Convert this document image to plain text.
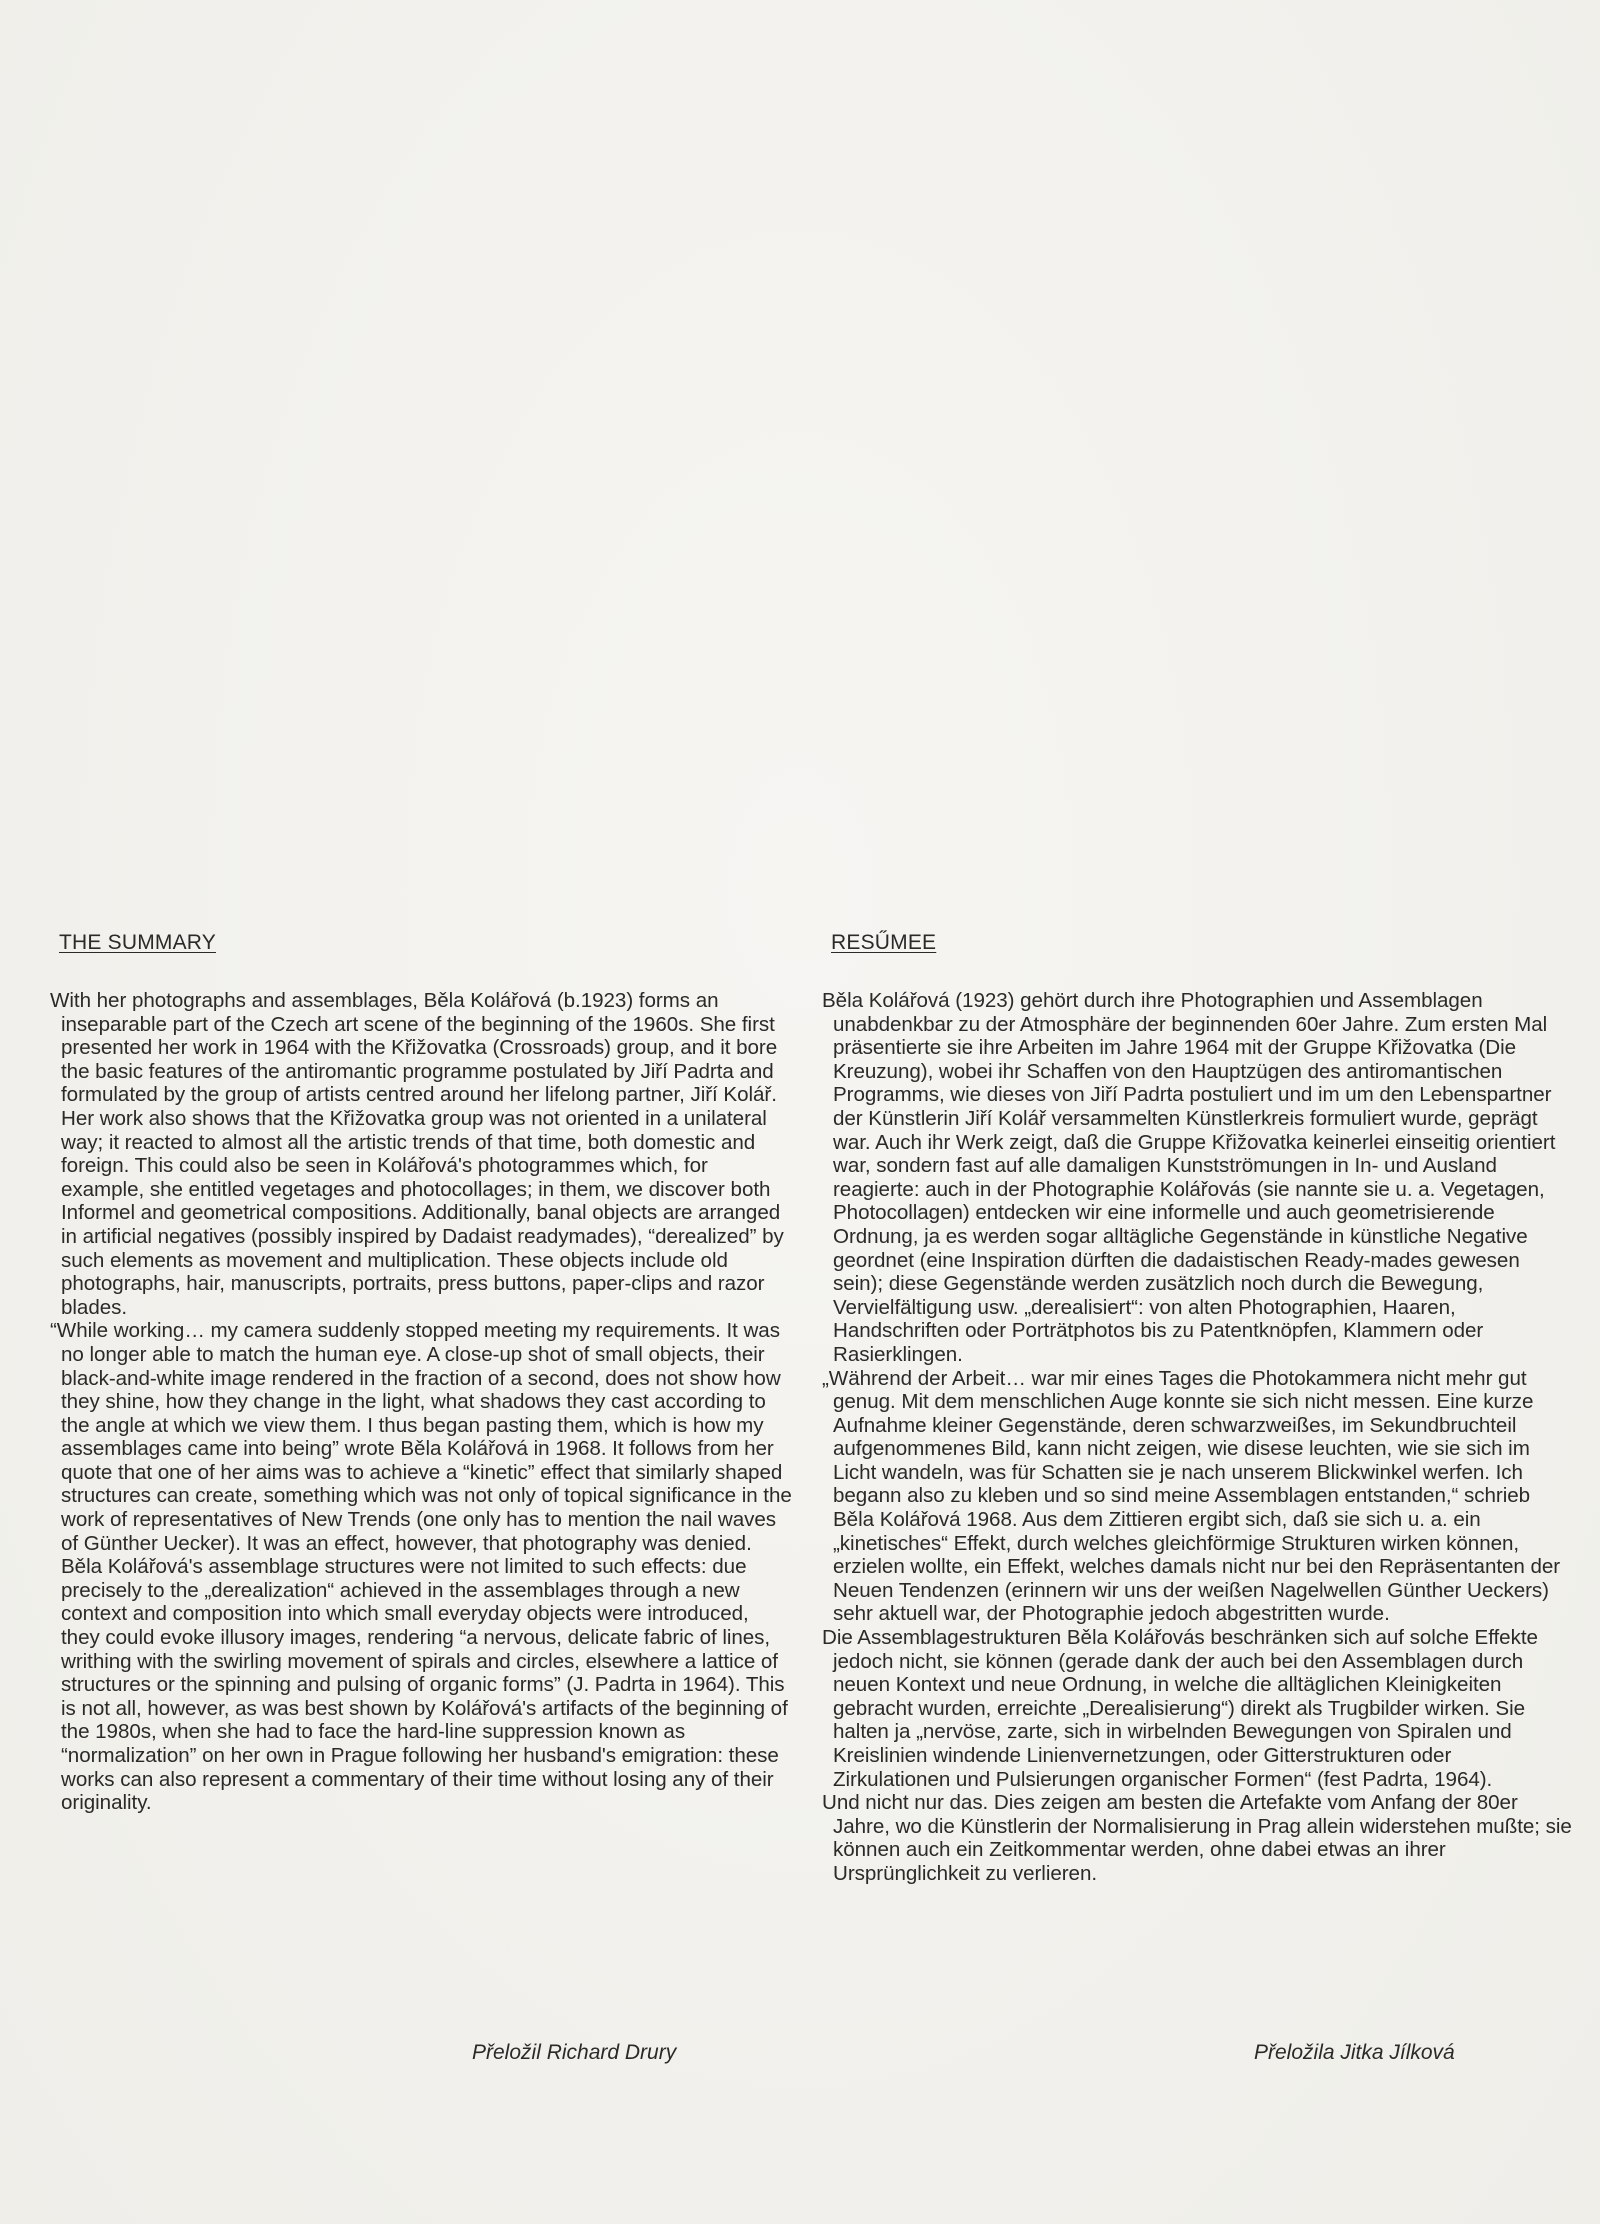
THE SUMMARY

With her photographs and assemblages, Běla Kolářová (b.1923) forms an inseparable part of the Czech art scene of the beginning of the 1960s. She first presented her work in 1964 with the Křižovatka (Crossroads) group, and it bore the basic features of the antiromantic programme postulated by Jiří Padrta and formulated by the group of artists centred around her lifelong partner, Jiří Kolář. Her work also shows that the Křižovatka group was not oriented in a unilateral way; it reacted to almost all the artistic trends of that time, both domestic and foreign. This could also be seen in Kolářová's photogrammes which, for example, she entitled vegetages and photocollages; in them, we discover both Informel and geometrical compositions. Additionally, banal objects are arranged in artificial negatives (possibly inspired by Dadaist readymades), “derealized” by such elements as movement and multiplication. These objects include old photographs, hair, manuscripts, portraits, press buttons, paper-clips and razor blades.

“While working… my camera suddenly stopped meeting my requirements. It was no longer able to match the human eye. A close-up shot of small objects, their black-and-white image rendered in the fraction of a second, does not show how they shine, how they change in the light, what shadows they cast according to the angle at which we view them. I thus began pasting them, which is how my assemblages came into being” wrote Běla Kolářová in 1968. It follows from her quote that one of her aims was to achieve a “kinetic” effect that similarly shaped structures can create, something which was not only of topical significance in the work of representatives of New Trends (one only has to mention the nail waves of Günther Uecker). It was an effect, however, that photography was denied. Běla Kolářová's assemblage structures were not limited to such effects: due precisely to the „derealization“ achieved in the assemblages through a new context and composition into which small everyday objects were introduced, they could evoke illusory images, rendering “a nervous, delicate fabric of lines, writhing with the swirling movement of spirals and circles, elsewhere a lattice of structures or the spinning and pulsing of organic forms” (J. Padrta in 1964). This is not all, however, as was best shown by Kolářová's artifacts of the beginning of the 1980s, when she had to face the hard-line suppression known as “normalization” on her own in Prague following her husband's emigration: these works can also represent a commentary of their time without losing any of their originality.

RESŰMEE

Běla Kolářová (1923) gehört durch ihre Photographien und Assemblagen unabdenkbar zu der Atmosphäre der beginnenden 60er Jahre. Zum ersten Mal präsentierte sie ihre Arbeiten im Jahre 1964 mit der Gruppe Křižovatka (Die Kreuzung), wobei ihr Schaffen von den Hauptzügen des antiromantischen Programms, wie dieses von Jiří Padrta postuliert und im um den Lebenspartner der Künstlerin Jiří Kolář versammelten Künstlerkreis formuliert wurde, geprägt war. Auch ihr Werk zeigt, daß die Gruppe Křižovatka keinerlei einseitig orientiert war, sondern fast auf alle damaligen Kunstströmungen in In- und Ausland reagierte: auch in der Photographie Kolářovás (sie nannte sie u. a. Vegetagen, Photocollagen) entdecken wir eine informelle und auch geometrisierende Ordnung, ja es werden sogar alltägliche Gegenstände in künstliche Negative geordnet (eine Inspiration dürften die dadaistischen Ready-mades gewesen sein); diese Gegenstände werden zusätzlich noch durch die Bewegung, Vervielfältigung usw. „derealisiert“: von alten Photographien, Haaren, Handschriften oder Porträtphotos bis zu Patentknöpfen, Klammern oder Rasierklingen.

„Während der Arbeit… war mir eines Tages die Photokammera nicht mehr gut genug. Mit dem menschlichen Auge konnte sie sich nicht messen. Eine kurze Aufnahme kleiner Gegenstände, deren schwarzweißes, im Sekundbruchteil aufgenommenes Bild, kann nicht zeigen, wie disese leuchten, wie sie sich im Licht wandeln, was für Schatten sie je nach unserem Blickwinkel werfen. Ich begann also zu kleben und so sind meine Assemblagen entstanden,“ schrieb Běla Kolářová 1968. Aus dem Zittieren ergibt sich, daß sie sich u. a. ein „kinetisches“ Effekt, durch welches gleichförmige Strukturen wirken können, erzielen wollte, ein Effekt, welches damals nicht nur bei den Repräsentanten der Neuen Tendenzen (erinnern wir uns der weißen Nagelwellen Günther Ueckers) sehr aktuell war, der Photographie jedoch abgestritten wurde.

Die Assemblagestrukturen Běla Kolářovás beschränken sich auf solche Effekte jedoch nicht, sie können (gerade dank der auch bei den Assemblagen durch neuen Kontext und neue Ordnung, in welche die alltäglichen Kleinigkeiten gebracht wurden, erreichte „Derealisierung“) direkt als Trugbilder wirken. Sie halten ja „nervöse, zarte, sich in wirbelnden Bewegungen von Spiralen und Kreislinien windende Linienvernetzungen, oder Gitterstrukturen oder Zirkulationen und Pulsierungen organischer Formen“ (fest Padrta, 1964).

Und nicht nur das. Dies zeigen am besten die Artefakte vom Anfang der 80er Jahre, wo die Künstlerin der Normalisierung in Prag allein widerstehen mußte; sie können auch ein Zeitkommentar werden, ohne dabei etwas an ihrer Ursprünglichkeit zu verlieren.

Přeložil Richard Drury	Přeložila Jitka Jílková
